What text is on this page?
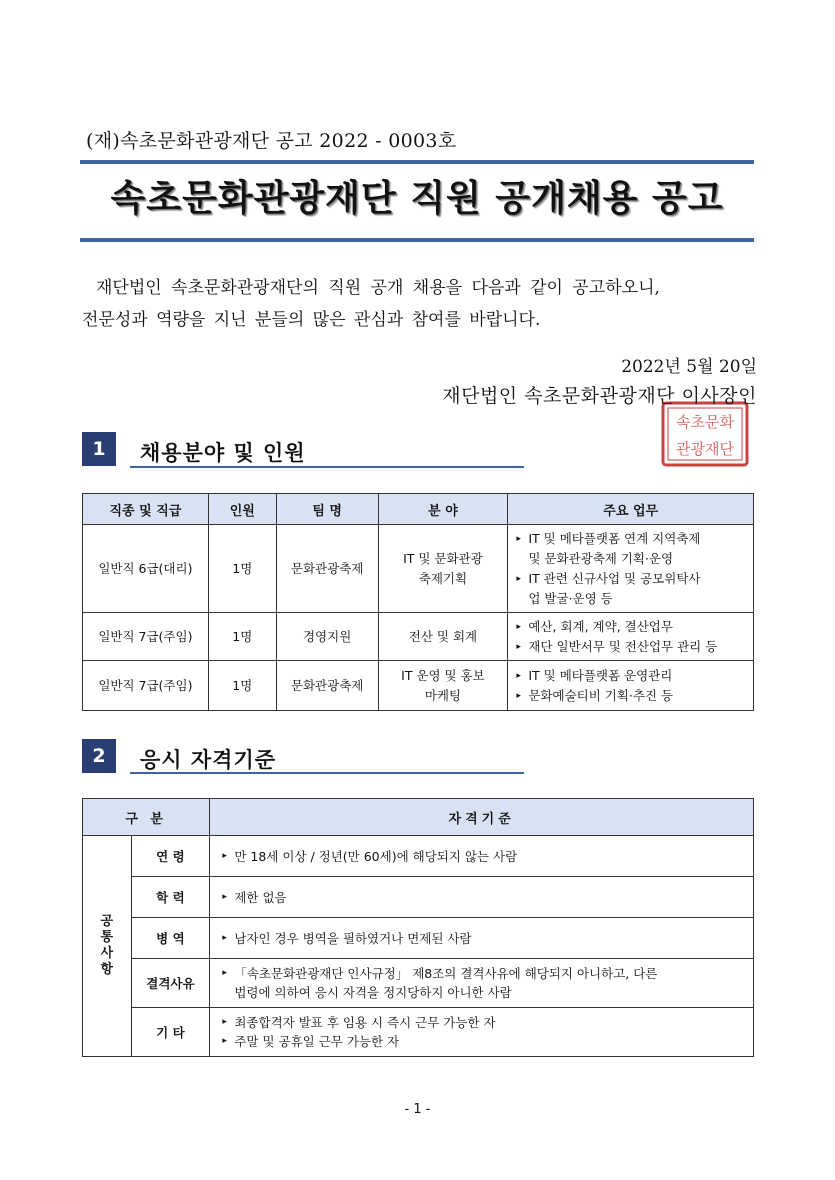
(재)속초문화관광재단 공고 2022 - 0003호
속초문화관광재단 직원 공개채용 공고
재단법인 속초문화관광재단의 직원 공개 채용을 다음과 같이 공고하오니,
전문성과 역량을 지닌 분들의 많은 관심과 참여를 바랍니다.
2022년 5월 20일
속초문화
관광재단
재단법인 속초문화관광재단 이사장인
1	채용분야 및 인원
직종 및 직급	인원	팀 명	분 야	주요 업무
일반직 6급(대리)	1명	문화관광축제	IT 및 문화관광
축제기획	▸ IT 및 메타플랫폼 연계 지역축제
및 문화관광축제 기획·운영
▸ IT 관련 신규사업 및 공모위탁사
업 발굴·운영 등

일반직 7급(주임)	1명	경영지원	전산 및 회계	▸ 예산, 회계, 계약, 결산업무
▸ 재단 일반서무 및 전산업무 관리 등

일반직 7급(주임)	1명	문화관광축제	IT 운영 및 홍보
마케팅	▸ IT 및 메타플랫폼 운영관리
▸ 문화예술티비 기획·추진 등
2	응시 자격기준
구 분		자격기준

공
통
사
항	연 령	▸ 만 18세 이상 / 정년(만 60세)에 해당되지 않는 사람

	학 력	▸ 제한 없음

	병 역	▸ 남자인 경우 병역을 필하였거나 면제된 사람

	결격사유	▸ 「속초문화관광재단 인사규정」 제8조의 결격사유에 해당되지 아니하고, 다른
법령에 의하여 응시 자격을 정지당하지 아니한 사람

	기 타	▸ 최종합격자 발표 후 임용 시 즉시 근무 가능한 자
▸ 주말 및 공휴일 근무 가능한 자
- 1 -
